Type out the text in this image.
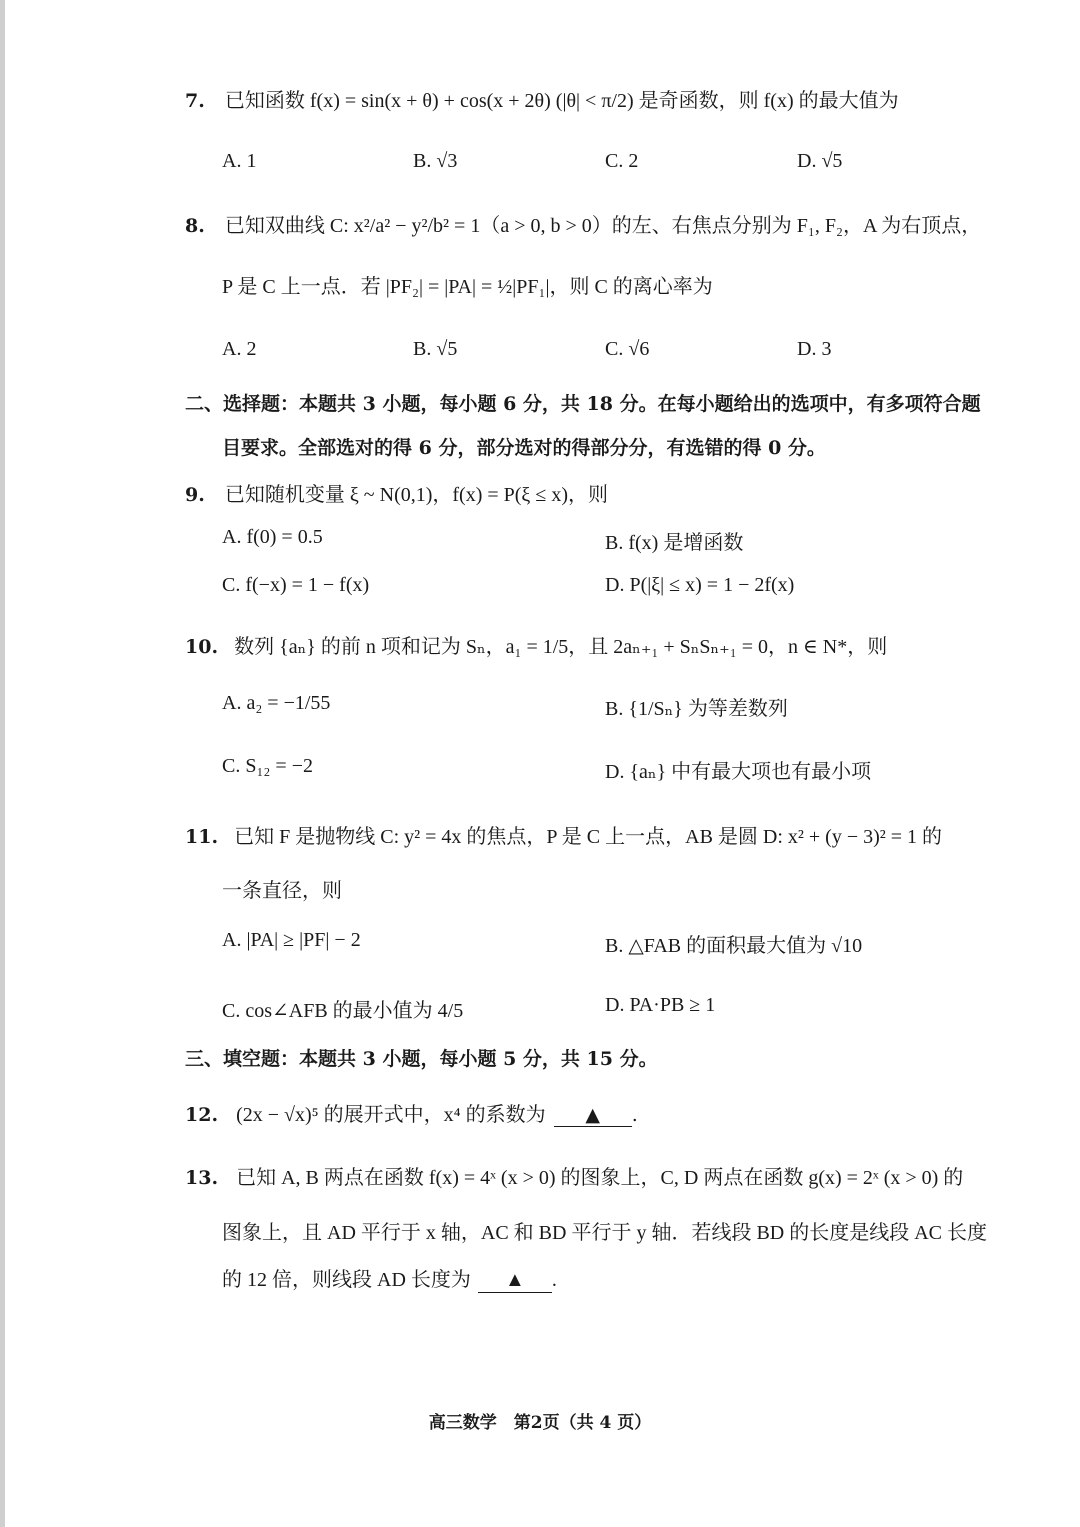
7. 已知函数 f(x) = sin(x + θ) + cos(x + 2θ) (|θ| < π/2) 是奇函数，则 f(x) 的最大值为
A. 1	B. √3	C. 2	D. √5
8. 已知双曲线 C: x²/a² − y²/b² = 1（a > 0, b > 0）的左、右焦点分别为 F₁, F₂，A 为右顶点，
P 是 C 上一点．若 |PF₂| = |PA| = ½|PF₁|，则 C 的离心率为
A. 2	B. √5	C. √6	D. 3
二、选择题：本题共 3 小题，每小题 6 分，共 18 分。在每小题给出的选项中，有多项符合题
目要求。全部选对的得 6 分，部分选对的得部分分，有选错的得 0 分。
9. 已知随机变量 ξ ~ N(0,1)，f(x) = P(ξ ≤ x)，则
A. f(0) = 0.5	B. f(x) 是增函数
C. f(−x) = 1 − f(x)	D. P(|ξ| ≤ x) = 1 − 2f(x)
10. 数列 {aₙ} 的前 n 项和记为 Sₙ，a₁ = 1/5，且 2aₙ₊₁ + SₙSₙ₊₁ = 0，n ∈ N*，则
A. a₂ = −1/55	B. {1/Sₙ} 为等差数列
C. S₁₂ = −2	D. {aₙ} 中有最大项也有最小项
11. 已知 F 是抛物线 C: y² = 4x 的焦点，P 是 C 上一点，AB 是圆 D: x² + (y − 3)² = 1 的
一条直径，则
A. |PA| ≥ |PF| − 2	B. △FAB 的面积最大值为 √10
C. cos∠AFB 的最小值为 4/5	D. PA·PB ≥ 1
三、填空题：本题共 3 小题，每小题 5 分，共 15 分。
12. (2x − √x)⁵ 的展开式中，x⁴ 的系数为 ▲ .
13. 已知 A, B 两点在函数 f(x) = 4ˣ (x > 0) 的图象上，C, D 两点在函数 g(x) = 2ˣ (x > 0) 的
图象上，且 AD 平行于 x 轴，AC 和 BD 平行于 y 轴．若线段 BD 的长度是线段 AC 长度
的 12 倍，则线段 AD 长度为 ▲ .
高三数学　第2页（共 4 页）
